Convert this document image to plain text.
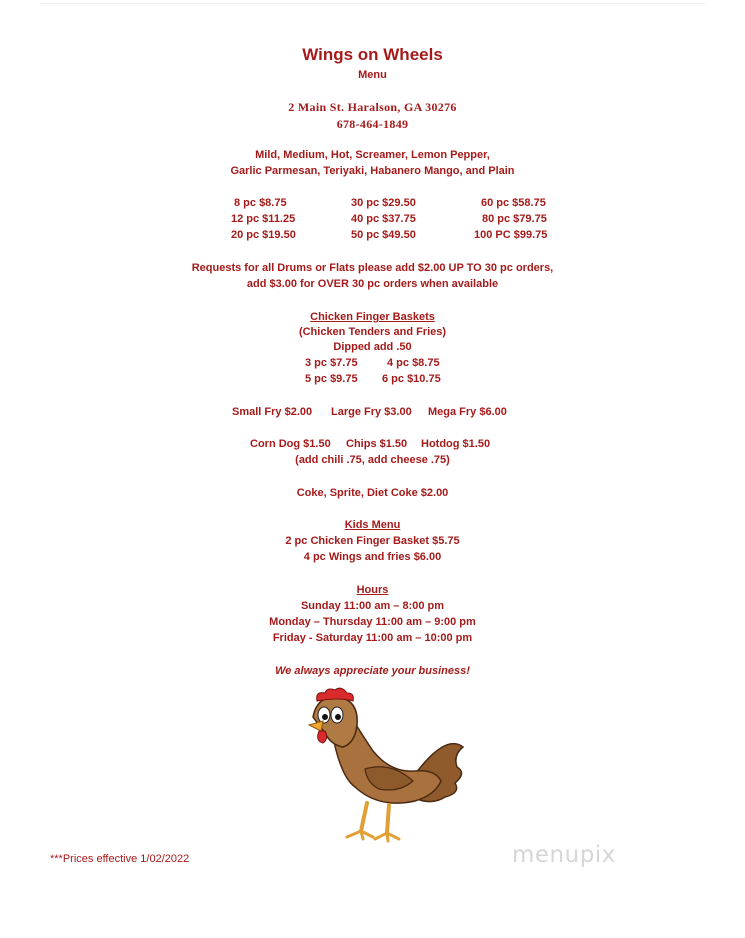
Wings on Wheels
Menu
2 Main St. Haralson, GA 30276
678-464-1849
Mild, Medium, Hot, Screamer, Lemon Pepper,
Garlic Parmesan, Teriyaki, Habanero Mango, and Plain
8 pc $8.75
12 pc $11.25
20 pc $19.50
30 pc $29.50
40 pc $37.75
50 pc $49.50
60 pc $58.75
80 pc $79.75
100 PC $99.75
Requests for all Drums or Flats please add $2.00 UP TO 30 pc orders,
add $3.00 for OVER 30 pc orders when available
Chicken Finger Baskets
(Chicken Tenders and Fries)
Dipped add .50
3 pc $7.75	4 pc $8.75
5 pc $9.75 6 pc $10.75
Small Fry $2.00 Large Fry $3.00 Mega Fry $6.00
Corn Dog $1.50 Chips $1.50 Hotdog $1.50
(add chili .75, add cheese .75)
Coke, Sprite, Diet Coke $2.00
Kids Menu
2 pc Chicken Finger Basket $5.75
4 pc Wings and fries $6.00
Hours
Sunday 11:00 am – 8:00 pm
Monday – Thursday 11:00 am – 9:00 pm
Friday - Saturday 11:00 am – 10:00 pm
We always appreciate your business!
***Prices effective 1/02/2022	menupix
